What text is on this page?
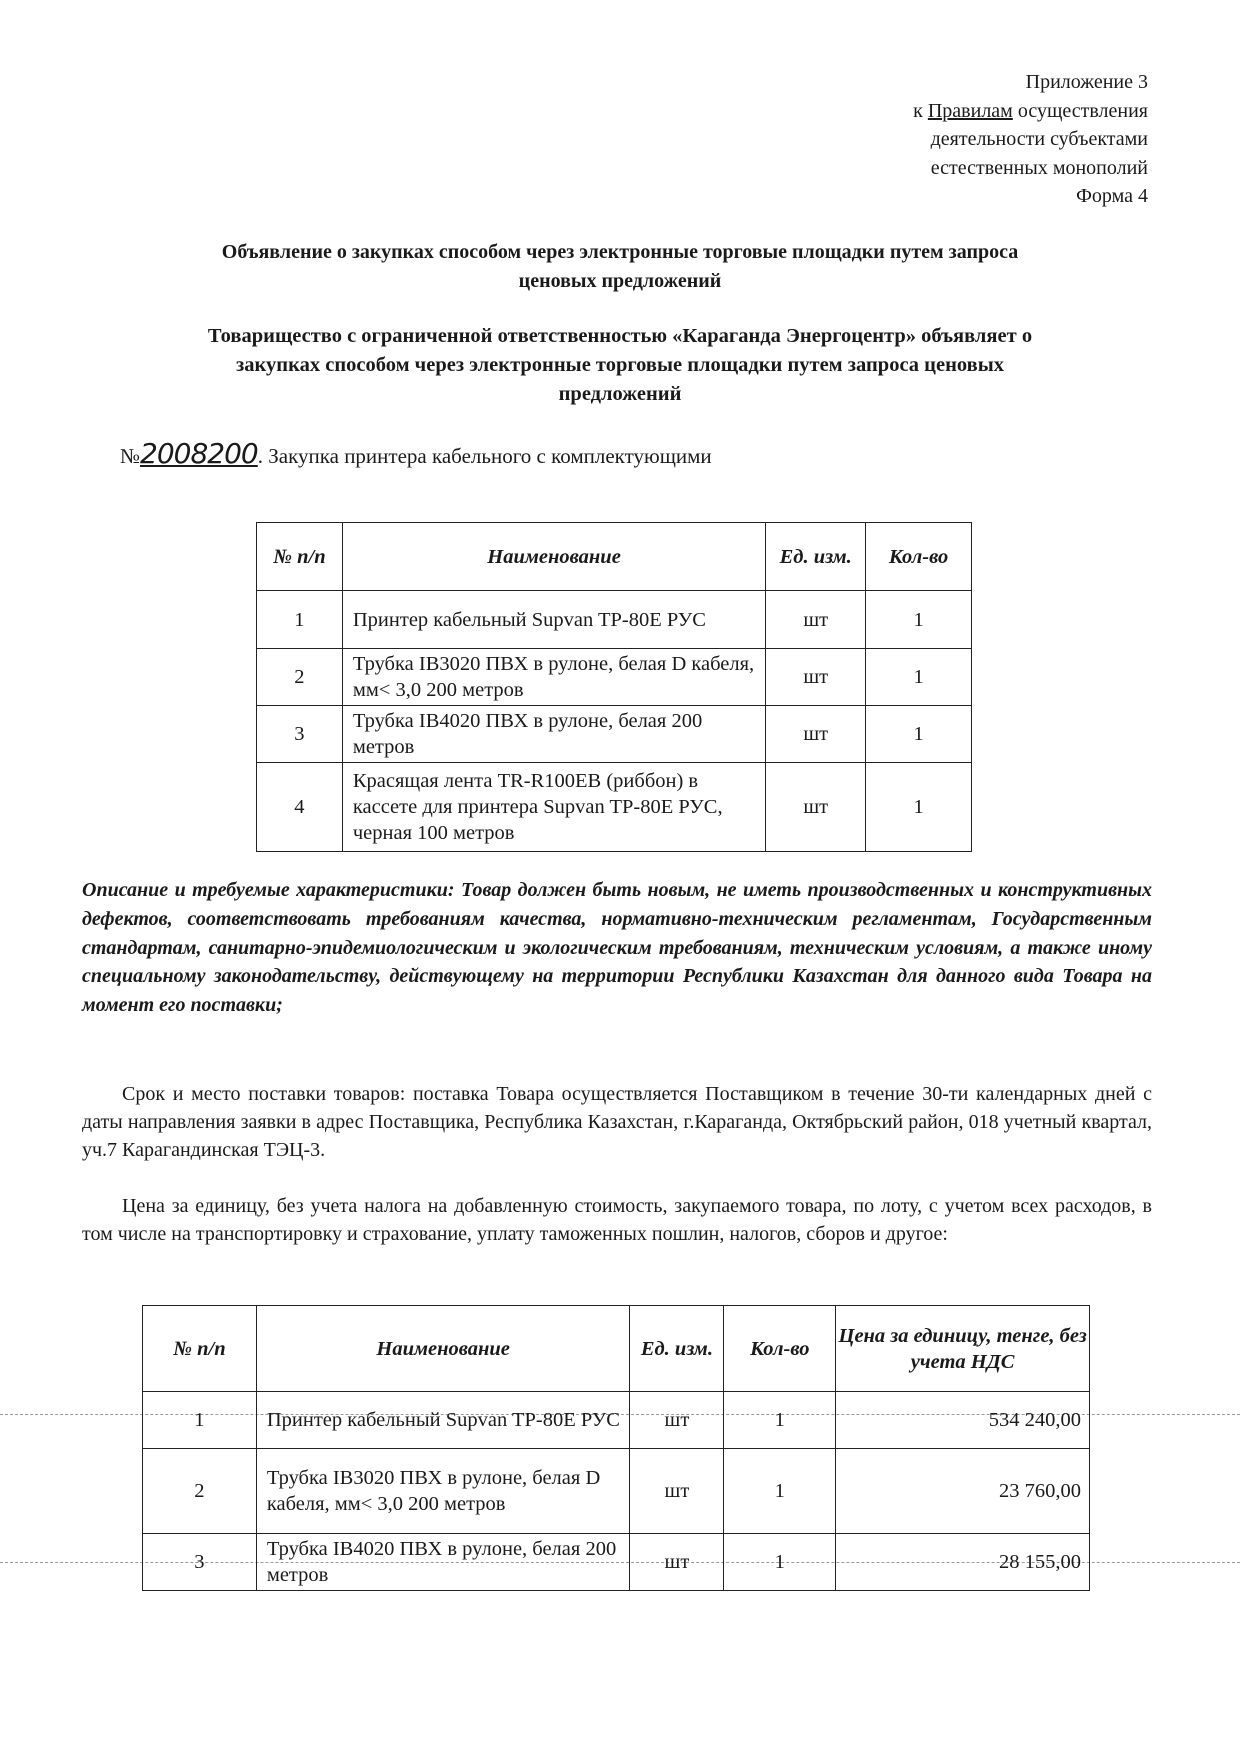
Приложение 3
к Правилам осуществления
деятельности субъектами
естественных монополий
Форма 4
Объявление о закупках способом через электронные торговые площадки путем запроса
ценовых предложений
Товарищество с ограниченной ответственностью «Караганда Энергоцентр» объявляет о
закупках способом через электронные торговые площадки путем запроса ценовых
предложений
№2008200. Закупка принтера кабельного с комплектующими
№ п/п	Наименование	Ед. изм.	Кол-во
1	Принтер кабельный Supvan TP-80E РУС	шт	1
2	Трубка IB3020 ПВХ в рулоне, белая D кабеля, мм< 3,0 200 метров	шт	1
3	Трубка IB4020 ПВХ в рулоне, белая 200 метров	шт	1
4	Красящая лента TR-R100EB (риббон) в кассете для принтера Supvan TP-80E РУС, черная 100 метров	шт	1
Описание и требуемые характеристики: Товар должен быть новым, не иметь производственных и конструктивных дефектов, соответствовать требованиям качества, нормативно-техническим регламентам, Государственным стандартам, санитарно-эпидемиологическим и экологическим требованиям, техническим условиям, а также иному специальному законодательству, действующему на территории Республики Казахстан для данного вида Товара на момент его поставки;
Срок и место поставки товаров: поставка Товара осуществляется Поставщиком в течение 30-ти календарных дней с даты направления заявки в адрес Поставщика, Республика Казахстан, г.Караганда, Октябрьский район, 018 учетный квартал, уч.7 Карагандинская ТЭЦ-3.
Цена за единицу, без учета налога на добавленную стоимость, закупаемого товара, по лоту, с учетом всех расходов, в том числе на транспортировку и страхование, уплату таможенных пошлин, налогов, сборов и другое:
№ п/п	Наименование	Ед. изм.	Кол-во	Цена за единицу, тенге, без учета НДС
1	Принтер кабельный Supvan TP-80E РУС	шт	1	534 240,00
2	Трубка IB3020 ПВХ в рулоне, белая D кабеля, мм< 3,0 200 метров	шт	1	23 760,00
3	Трубка IB4020 ПВХ в рулоне, белая 200 метров	шт	1	28 155,00
